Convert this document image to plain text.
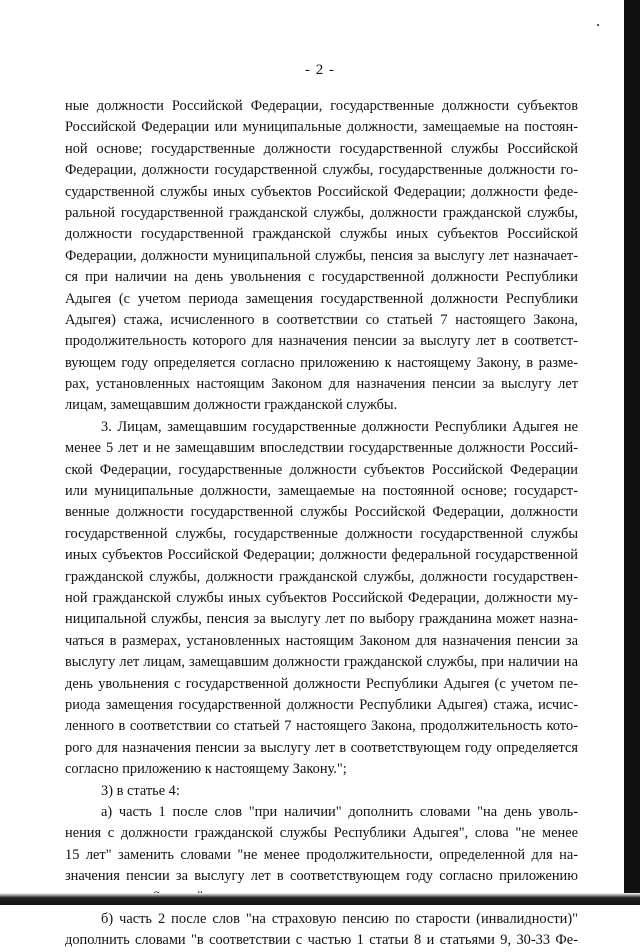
- 2 -
ные должности Российской Федерации, государственные должности субъектов
Российской Федерации или муниципальные должности, замещаемые на постоян-
ной основе; государственные должности государственной службы Российской
Федерации, должности государственной службы, государственные должности го-
сударственной службы иных субъектов Российской Федерации; должности феде-
ральной государственной гражданской службы, должности гражданской службы,
должности государственной гражданской службы иных субъектов Российской
Федерации, должности муниципальной службы, пенсия за выслугу лет назначает-
ся при наличии на день увольнения с государственной должности Республики
Адыгея (с учетом периода замещения государственной должности Республики
Адыгея) стажа, исчисленного в соответствии со статьей 7 настоящего Закона,
продолжительность которого для назначения пенсии за выслугу лет в соответст-
вующем году определяется согласно приложению к настоящему Закону, в разме-
рах, установленных настоящим Законом для назначения пенсии за выслугу лет
лицам, замещавшим должности гражданской службы.
3. Лицам, замещавшим государственные должности Республики Адыгея не
менее 5 лет и не замещавшим впоследствии государственные должности Россий-
ской Федерации, государственные должности субъектов Российской Федерации
или муниципальные должности, замещаемые на постоянной основе; государст-
венные должности государственной службы Российской Федерации, должности
государственной службы, государственные должности государственной службы
иных субъектов Российской Федерации; должности федеральной государственной
гражданской службы, должности гражданской службы, должности государствен-
ной гражданской службы иных субъектов Российской Федерации, должности му-
ниципальной службы, пенсия за выслугу лет по выбору гражданина может назна-
чаться в размерах, установленных настоящим Законом для назначения пенсии за
выслугу лет лицам, замещавшим должности гражданской службы, при наличии на
день увольнения с государственной должности Республики Адыгея (с учетом пе-
риода замещения государственной должности Республики Адыгея) стажа, исчис-
ленного в соответствии со статьей 7 настоящего Закона, продолжительность кото-
рого для назначения пенсии за выслугу лет в соответствующем году определяется
согласно приложению к настоящему Закону.";
3) в статье 4:
а) часть 1 после слов "при наличии" дополнить словами "на день уволь-
нения с должности гражданской службы Республики Адыгея", слова "не менее
15 лет" заменить словами "не менее продолжительности, определенной для на-
значения пенсии за выслугу лет в соответствующем году согласно приложению
б) часть 2 после слов "на страховую пенсию по старости (инвалидности)"
дополнить словами "в соответствии с частью 1 статьи 8 и статьями 9, 30-33 Фе-
